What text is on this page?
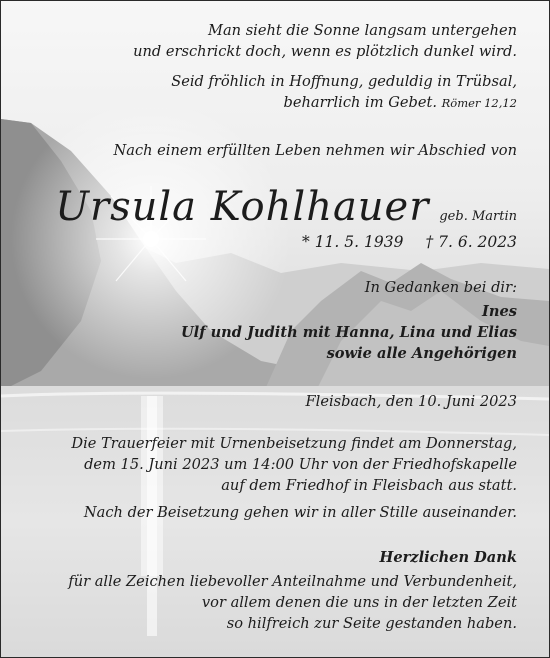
Man sieht die Sonne langsam untergehen
und erschrickt doch, wenn es plötzlich dunkel wird.
Seid fröhlich in Hoffnung, geduldig in Trübsal,
beharrlich im Gebet. Römer 12,12
Nach einem erfüllten Leben nehmen wir Abschied von
Ursula Kohlhauer geb. Martin
* 11. 5. 1939 † 7. 6. 2023
In Gedanken bei dir:
Ines
Ulf und Judith mit Hanna, Lina und Elias
sowie alle Angehörigen
Fleisbach, den 10. Juni 2023
Die Trauerfeier mit Urnenbeisetzung findet am Donnerstag,
dem 15. Juni 2023 um 14:00 Uhr von der Friedhofskapelle
auf dem Friedhof in Fleisbach aus statt.
Nach der Beisetzung gehen wir in aller Stille auseinander.
Herzlichen Dank
für alle Zeichen liebevoller Anteilnahme und Verbundenheit,
vor allem denen die uns in der letzten Zeit
so hilfreich zur Seite gestanden haben.
